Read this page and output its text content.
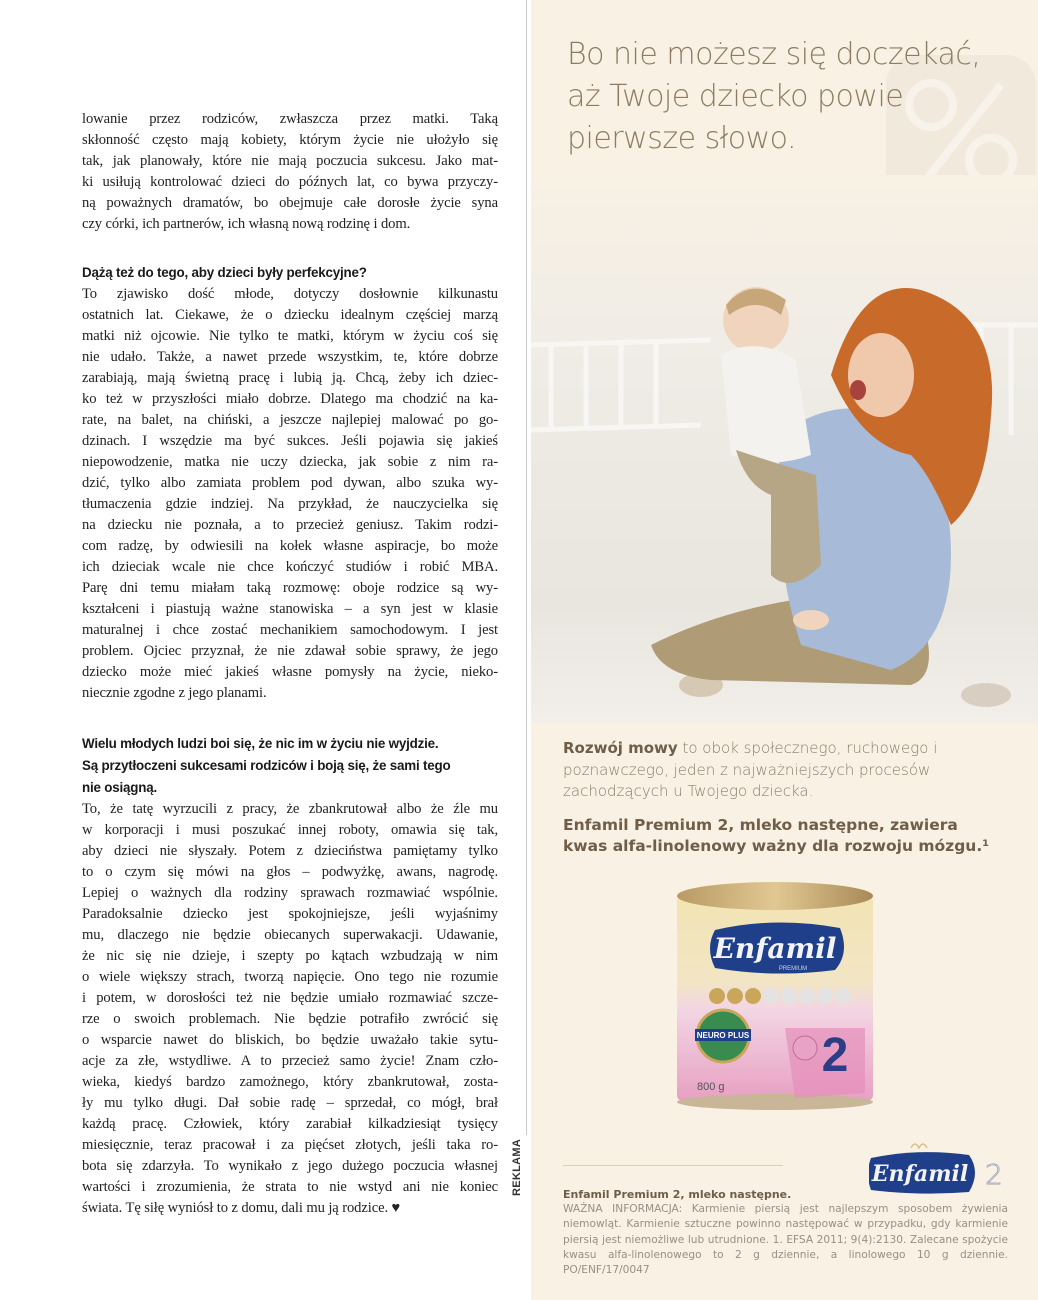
lowanie przez rodziców, zwłaszcza przez matki. Taką
skłonność często mają kobiety, którym życie nie ułożyło się
tak, jak planowały, które nie mają poczucia sukcesu. Jako mat-
ki usiłują kontrolować dzieci do późnych lat, co bywa przyczy-
ną poważnych dramatów, bo obejmuje całe dorosłe życie syna
czy córki, ich partnerów, ich własną nową rodzinę i dom.
Dążą też do tego, aby dzieci były perfekcyjne?
To zjawisko dość młode, dotyczy dosłownie kilkunastu
ostatnich lat. Ciekawe, że o dziecku idealnym częściej marzą
matki niż ojcowie. Nie tylko te matki, którym w życiu coś się
nie udało. Także, a nawet przede wszystkim, te, które dobrze
zarabiają, mają świetną pracę i lubią ją. Chcą, żeby ich dziec-
ko też w przyszłości miało dobrze. Dlatego ma chodzić na ka-
rate, na balet, na chiński, a jeszcze najlepiej malować po go-
dzinach. I wszędzie ma być sukces. Jeśli pojawia się jakieś
niepowodzenie, matka nie uczy dziecka, jak sobie z nim ra-
dzić, tylko albo zamiata problem pod dywan, albo szuka wy-
tłumaczenia gdzie indziej. Na przykład, że nauczycielka się
na dziecku nie poznała, a to przecież geniusz. Takim rodzi-
com radzę, by odwiesili na kołek własne aspiracje, bo może
ich dzieciak wcale nie chce kończyć studiów i robić MBA.
Parę dni temu miałam taką rozmowę: oboje rodzice są wy-
kształceni i piastują ważne stanowiska – a syn jest w klasie
maturalnej i chce zostać mechanikiem samochodowym. I jest
problem. Ojciec przyznał, że nie zdawał sobie sprawy, że jego
dziecko może mieć jakieś własne pomysły na życie, nieko-
niecznie zgodne z jego planami.
Wielu młodych ludzi boi się, że nic im w życiu nie wyjdzie.
Są przytłoczeni sukcesami rodziców i boją się, że sami tego
nie osiągną.
To, że tatę wyrzucili z pracy, że zbankrutował albo że źle mu
w korporacji i musi poszukać innej roboty, omawia się tak,
aby dzieci nie słyszały. Potem z dzieciństwa pamiętamy tylko
to o czym się mówi na głos – podwyżkę, awans, nagrodę.
Lepiej o ważnych dla rodziny sprawach rozmawiać wspólnie.
Paradoksalnie dziecko jest spokojniejsze, jeśli wyjaśnimy
mu, dlaczego nie będzie obiecanych superwakacji. Udawanie,
że nic się nie dzieje, i szepty po kątach wzbudzają w nim
o wiele większy strach, tworzą napięcie. Ono tego nie rozumie
i potem, w dorosłości też nie będzie umiało rozmawiać szcze-
rze o swoich problemach. Nie będzie potrafiło zwrócić się
o wsparcie nawet do bliskich, bo będzie uważało takie sytu-
acje za złe, wstydliwe. A to przecież samo życie! Znam czło-
wieka, kiedyś bardzo zamożnego, który zbankrutował, zosta-
ły mu tylko długi. Dał sobie radę – sprzedał, co mógł, brał
każdą pracę. Człowiek, który zarabiał kilkadziesiąt tysięcy
miesięcznie, teraz pracował i za pięćset złotych, jeśli taka ro-
bota się zdarzyła. To wynikało z jego dużego poczucia własnej
wartości i zrozumienia, że strata to nie wstyd ani nie koniec
świata. Tę siłę wyniósł to z domu, dali mu ją rodzice. ♥
REKLAMA
Bo nie możesz się doczekać,
aż Twoje dziecko powie
pierwsze słowo.
Rozwój mowy to obok społecznego, ruchowego i poznawczego, jeden z najważniejszych procesów zachodzących u Twojego dziecka.
Enfamil Premium 2, mleko następne, zawiera kwas alfa-linolenowy ważny dla rozwoju mózgu.¹
Enfamil
PREMIUM
NEURO PLUS
800 g
2
Enfamil 2
Enfamil Premium 2, mleko następne.
WAŻNA INFORMACJA: Karmienie piersią jest najlepszym sposobem żywienia niemowląt. Karmienie sztuczne powinno następować w przypadku, gdy karmienie piersią jest niemożliwe lub utrudnione. 1. EFSA 2011; 9(4):2130. Zalecane spożycie kwasu alfa-linolenowego to 2 g dziennie, a linolowego 10 g dziennie. PO/ENF/17/0047
